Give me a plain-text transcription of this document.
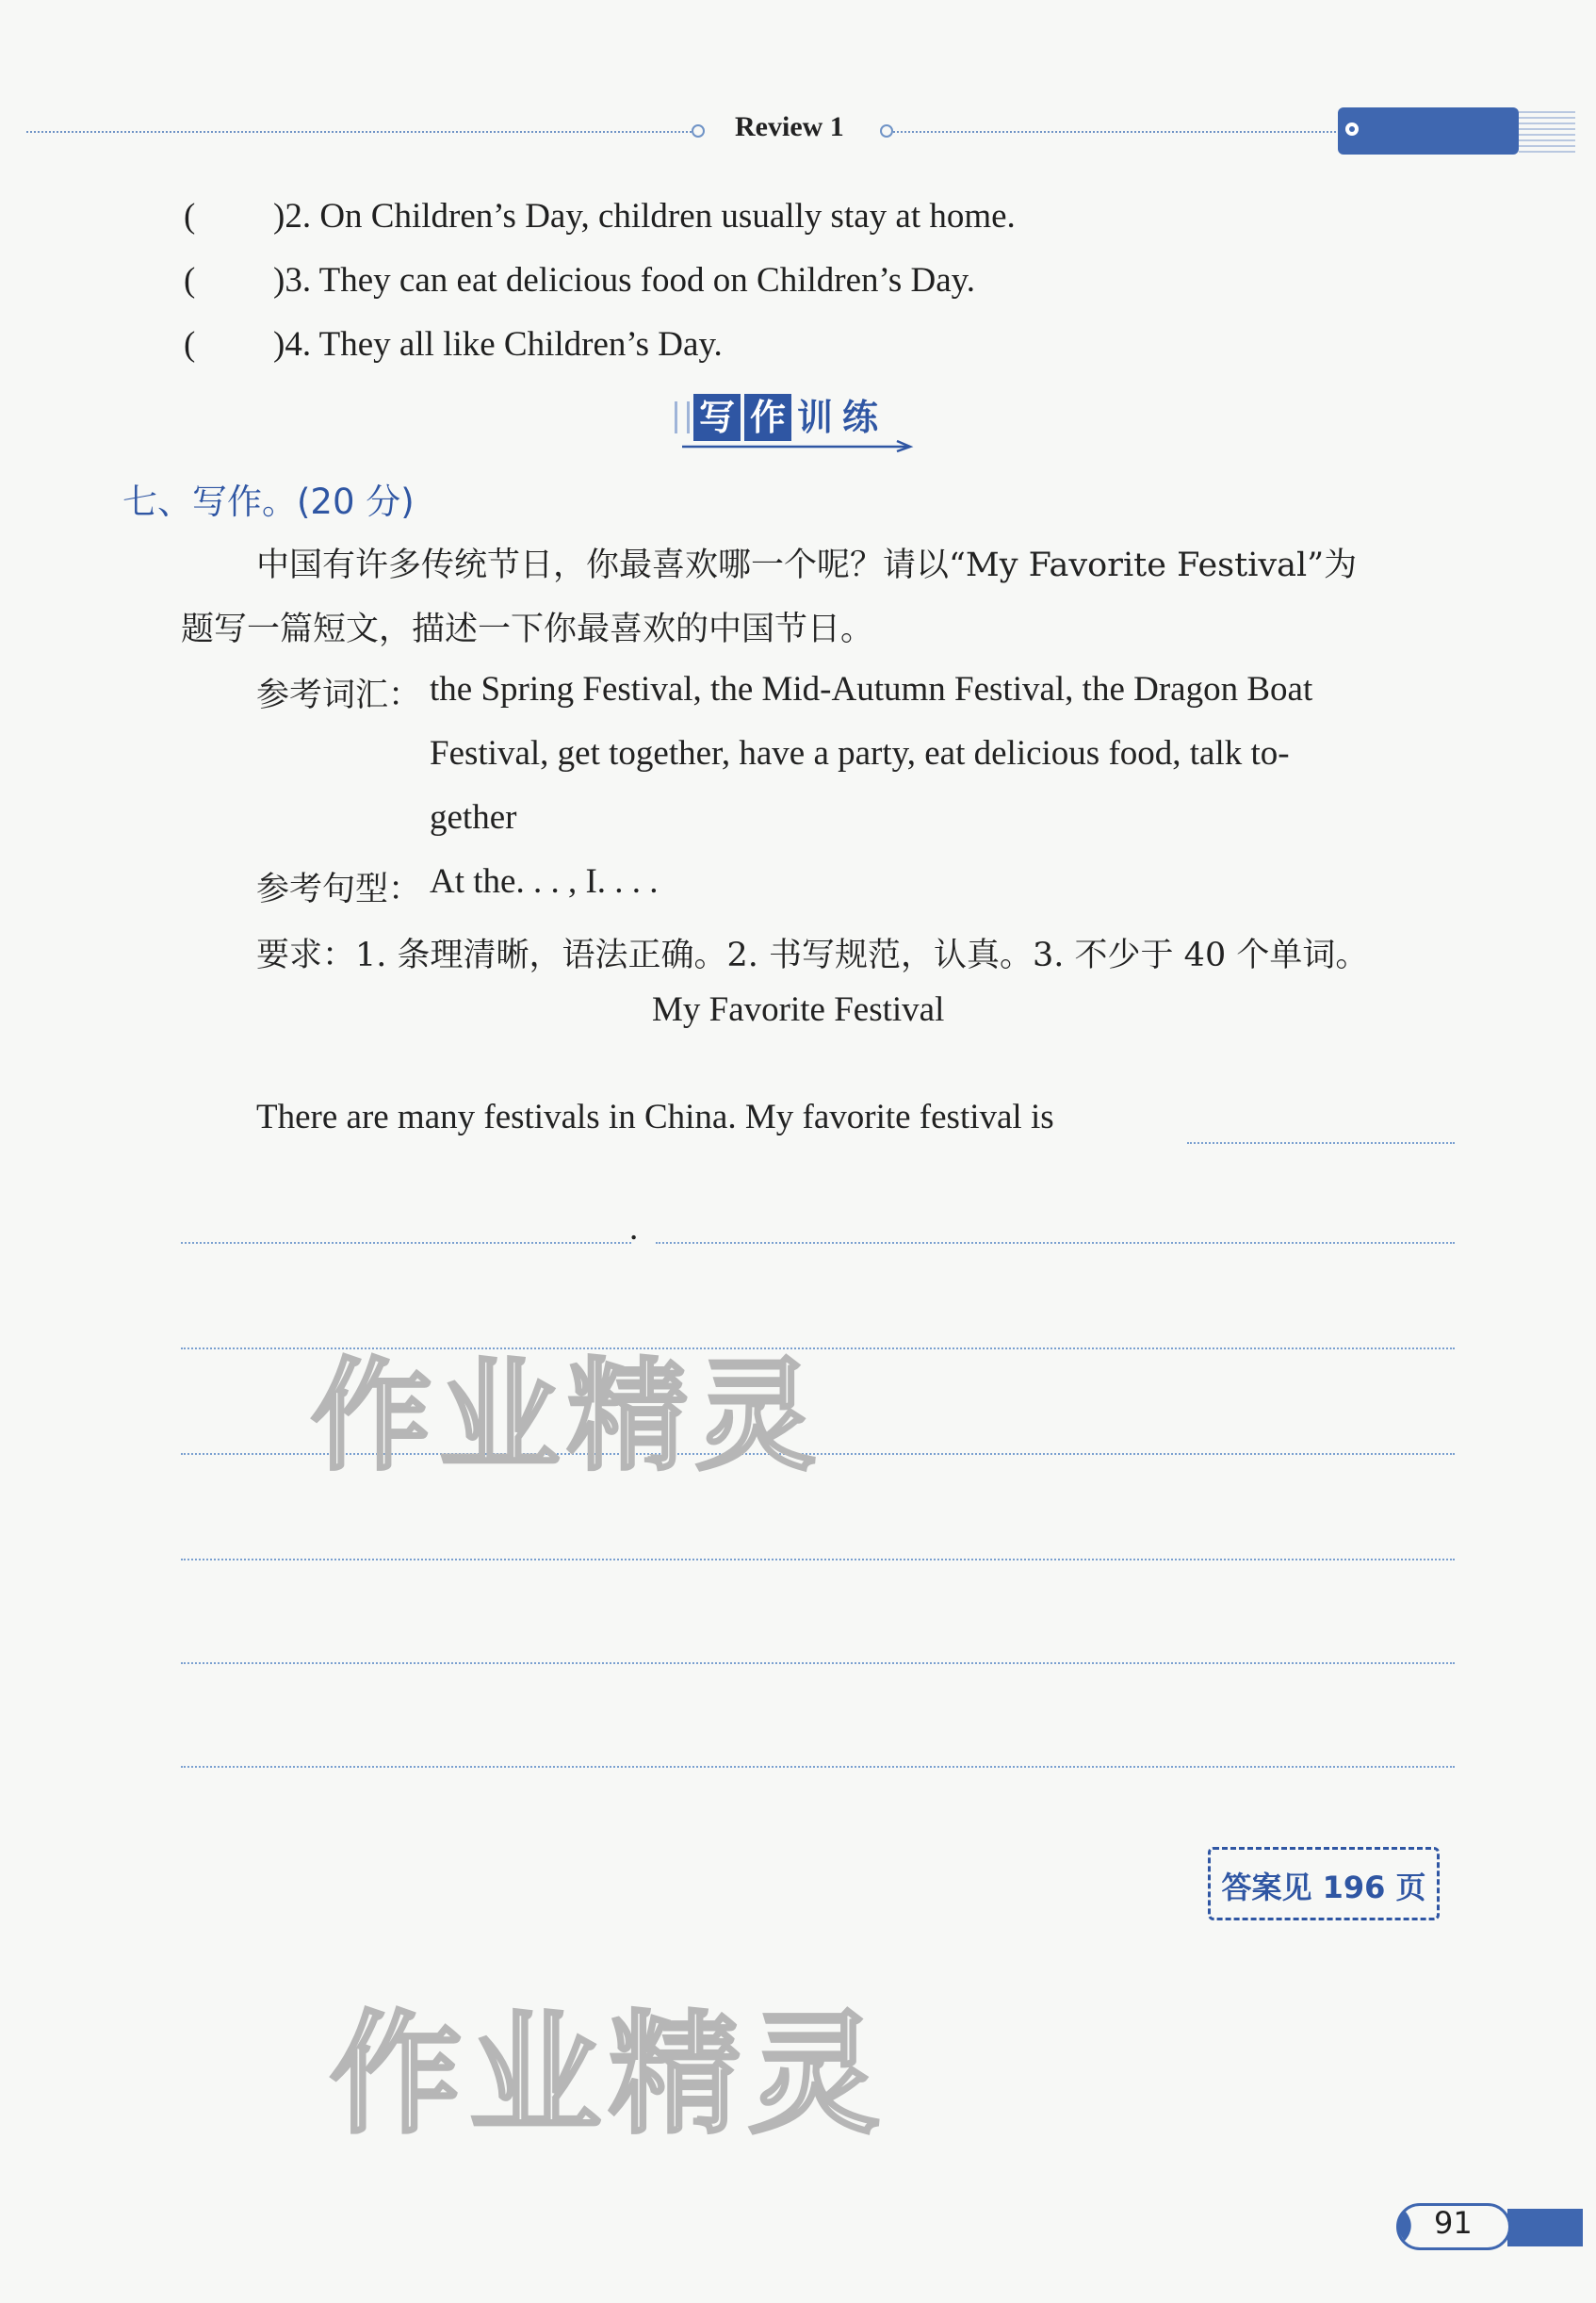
Review 1
( )2. On Children’s Day, children usually stay at home.
( )3. They can eat delicious food on Children’s Day.
( )4. They all like Children’s Day.
写 作 训 练
七、写作。(20 分)
中国有许多传统节日，你最喜欢哪一个呢？请以“My Favorite Festival”为
题写一篇短文，描述一下你最喜欢的中国节日。
参考词汇： the Spring Festival, the Mid-Autumn Festival, the Dragon Boat
Festival, get together, have a party, eat delicious food, talk to-
gether
参考句型： At the. . . , I. . . .
要求：1. 条理清晰，语法正确。2. 书写规范，认真。3. 不少于 40 个单词。
My Favorite Festival
There are many festivals in China. My favorite festival is
.
作业精灵
作业精灵
答案见 196 页
91
